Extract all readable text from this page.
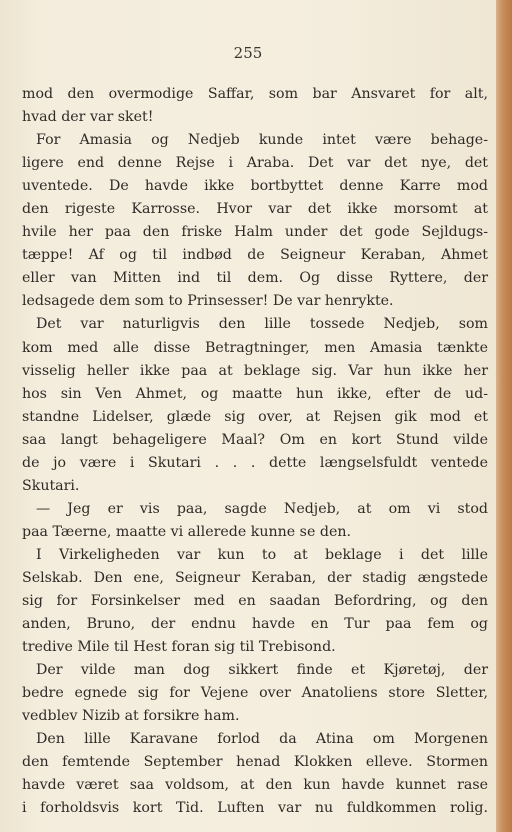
255

mod den overmodige Saffar, som bar Ansvaret for alt,

hvad der var sket!

For Amasia og Nedjeb kunde intet være behage-

ligere end denne Rejse i Araba. Det var det nye, det

uventede. De havde ikke bortbyttet denne Karre mod

den rigeste Karrosse. Hvor var det ikke morsomt at

hvile her paa den friske Halm under det gode Sejldugs-

tæppe! Af og til indbød de Seigneur Keraban, Ahmet

eller van Mitten ind til dem. Og disse Ryttere, der

ledsagede dem som to Prinsesser! De var henrykte.

Det var naturligvis den lille tossede Nedjeb, som

kom med alle disse Betragtninger, men Amasia tænkte

visselig heller ikke paa at beklage sig. Var hun ikke her

hos sin Ven Ahmet, og maatte hun ikke, efter de ud-

standne Lidelser, glæde sig over, at Rejsen gik mod et

saa langt behageligere Maal? Om en kort Stund vilde

de jo være i Skutari . . . dette længselsfuldt ventede

Skutari.

— Jeg er vis paa, sagde Nedjeb, at om vi stod

paa Tæerne, maatte vi allerede kunne se den.

I Virkeligheden var kun to at beklage i det lille

Selskab. Den ene, Seigneur Keraban, der stadig ængstede

sig for Forsinkelser med en saadan Befordring, og den

anden, Bruno, der endnu havde en Tur paa fem og

tredive Mile til Hest foran sig til Trebisond.

Der vilde man dog sikkert finde et Kjøretøj, der

bedre egnede sig for Vejene over Anatoliens store Sletter,

vedblev Nizib at forsikre ham.

Den lille Karavane forlod da Atina om Morgenen

den femtende September henad Klokken elleve. Stormen

havde været saa voldsom, at den kun havde kunnet rase

i forholdsvis kort Tid. Luften var nu fuldkommen rolig.
